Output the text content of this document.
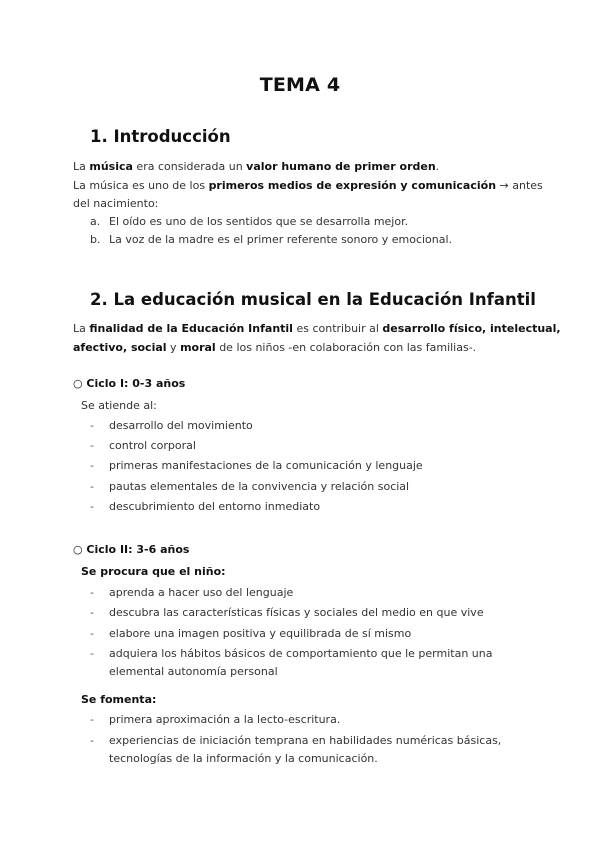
TEMA 4
1. Introducción
La música era considerada un valor humano de primer orden.
La música es uno de los primeros medios de expresión y comunicación → antes
del nacimiento:
a. El oído es uno de los sentidos que se desarrolla mejor.
b. La voz de la madre es el primer referente sonoro y emocional.
2. La educación musical en la Educación Infantil
La finalidad de la Educación Infantil es contribuir al desarrollo físico, intelectual,
afectivo, social y moral de los niños -en colaboración con las familias-.
○ Ciclo I: 0-3 años
Se atiende al:
- desarrollo del movimiento
- control corporal
- primeras manifestaciones de la comunicación y lenguaje
- pautas elementales de la convivencia y relación social
- descubrimiento del entorno inmediato
○ Ciclo II: 3-6 años
Se procura que el niño:
- aprenda a hacer uso del lenguaje
- descubra las características físicas y sociales del medio en que vive
- elabore una imagen positiva y equilibrada de sí mismo
- adquiera los hábitos básicos de comportamiento que le permitan una
elemental autonomía personal
Se fomenta:
- primera aproximación a la lecto-escritura.
- experiencias de iniciación temprana en habilidades numéricas básicas,
tecnologías de la información y la comunicación.
